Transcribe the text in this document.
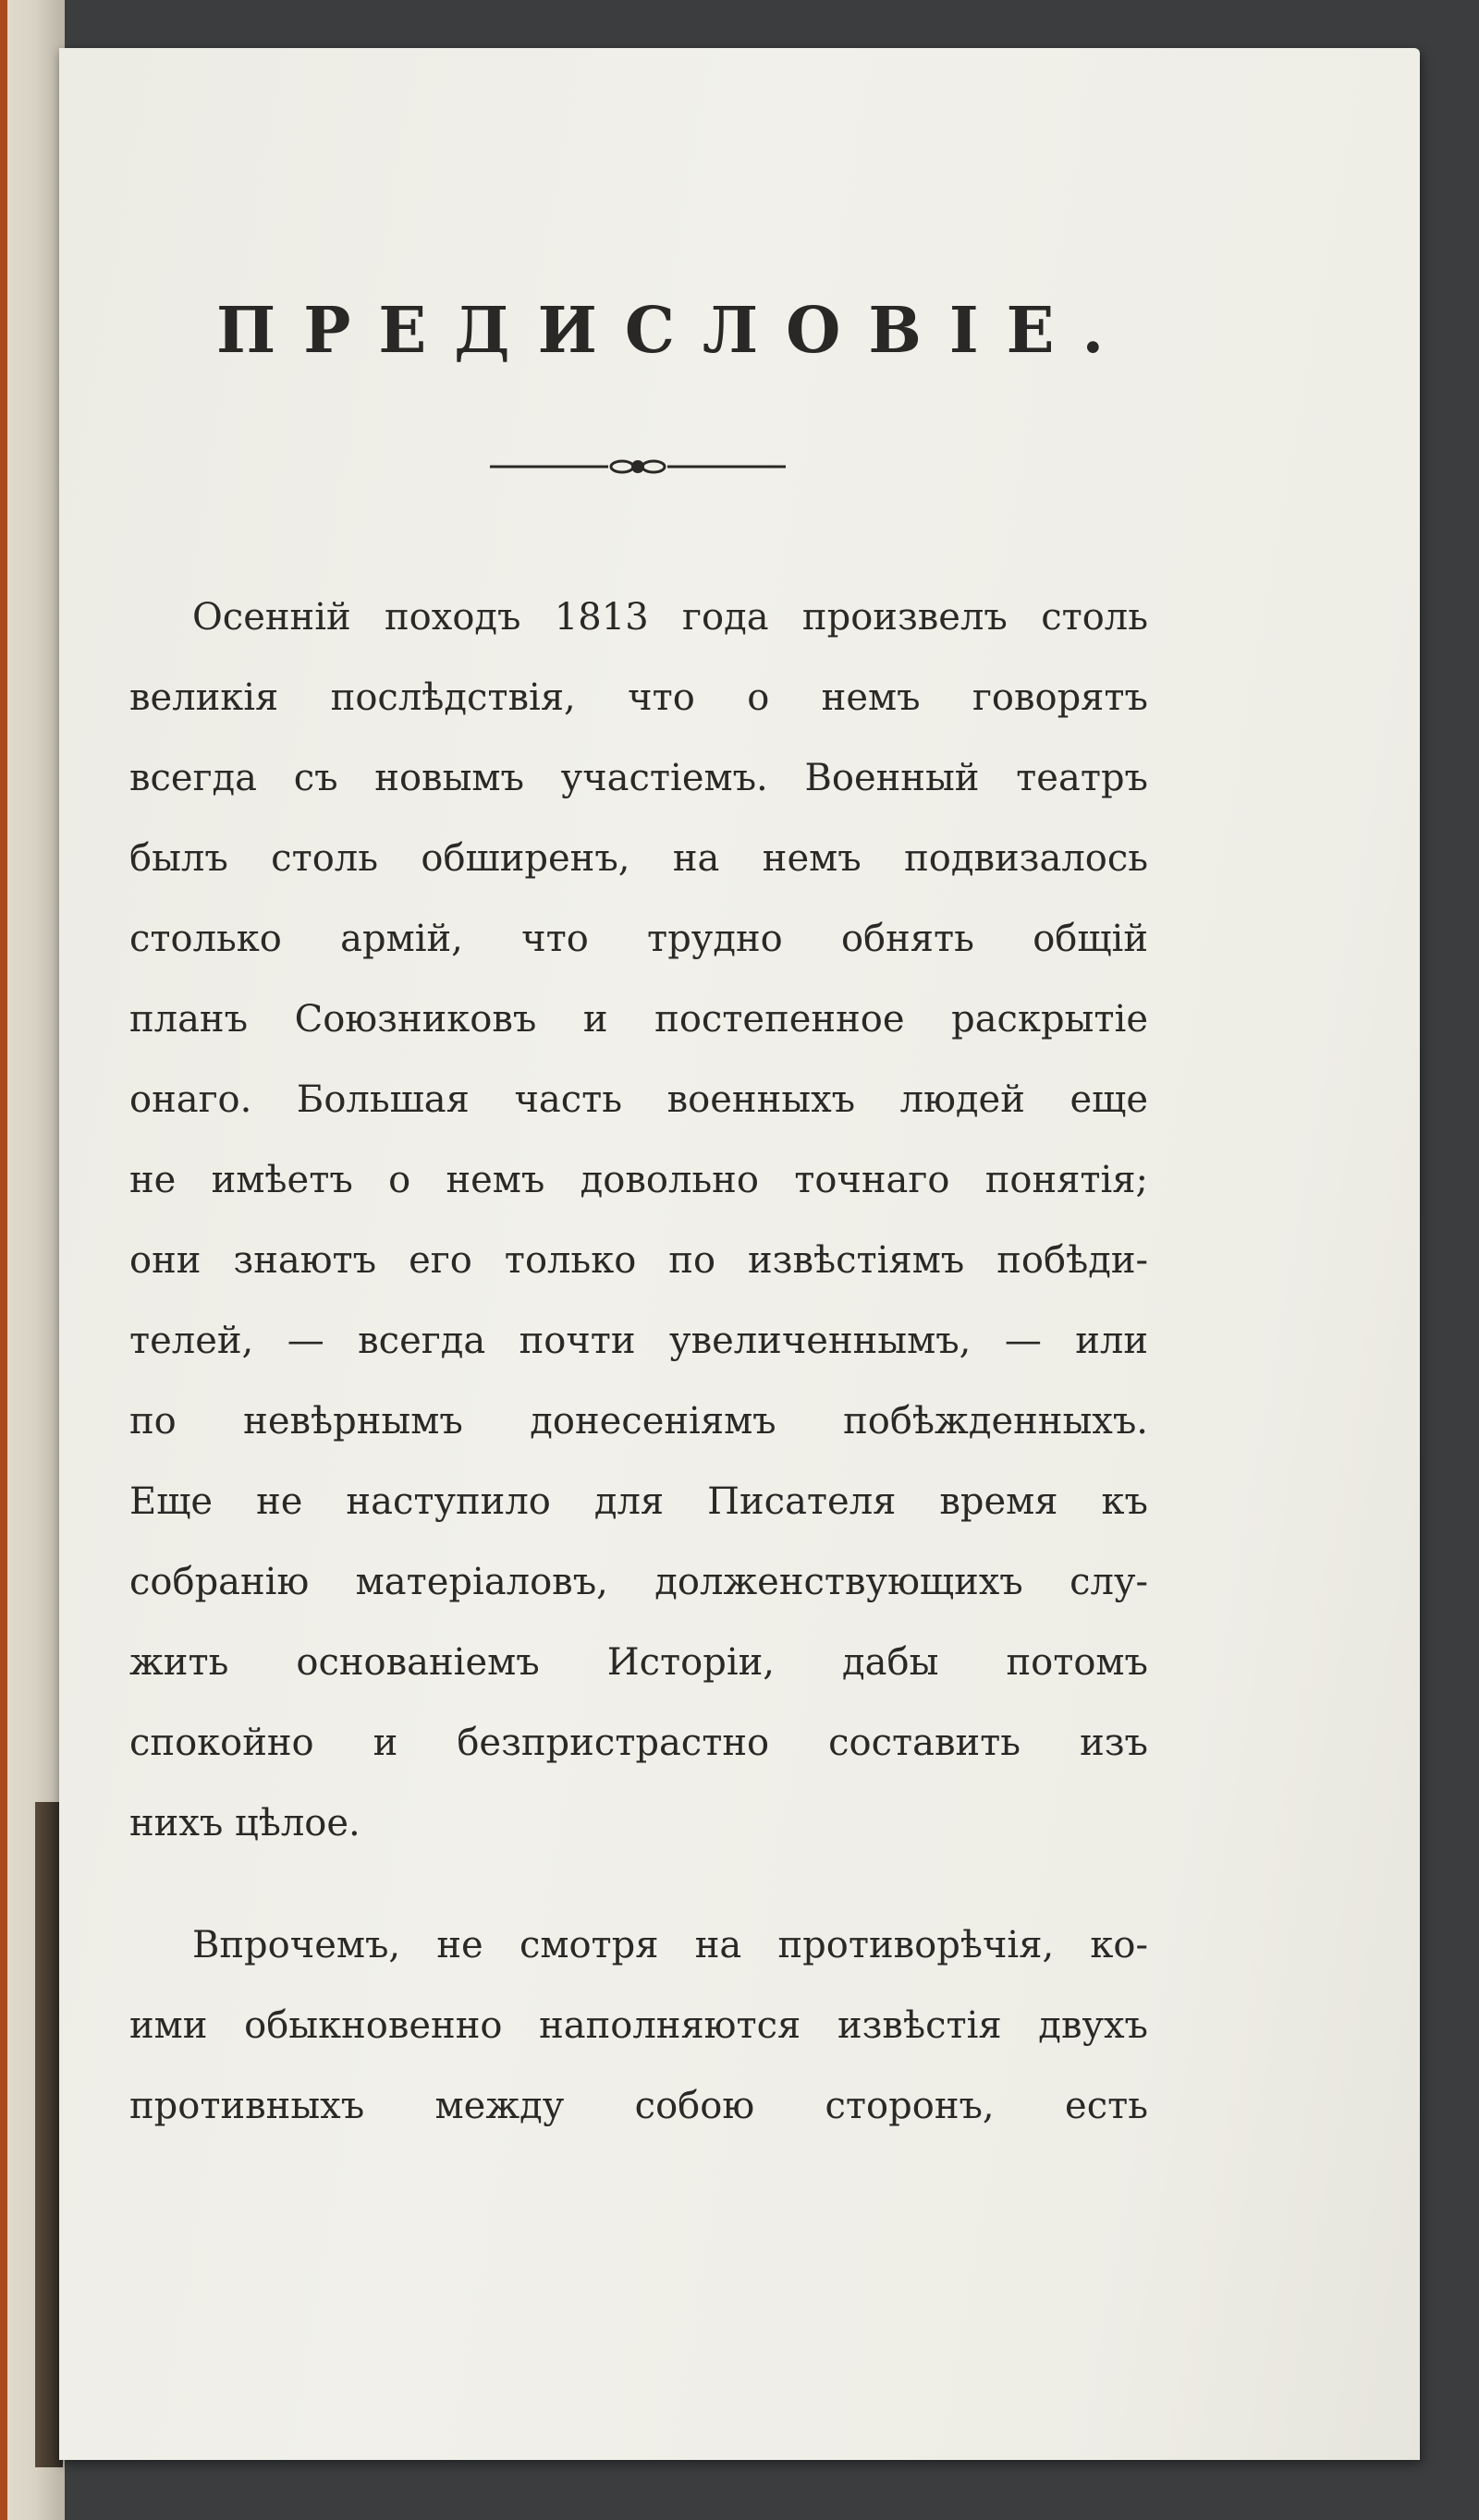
ПРЕДИСЛОВІЕ.
Осенній походъ 1813 года произвелъ столь
великія послѣдствія, что о немъ говорятъ
всегда съ новымъ участіемъ. Военный театръ
былъ столь обширенъ, на немъ подвизалось
столько армій, что трудно обнять общій
планъ Союзниковъ и постепенное раскрытіе
онаго. Большая часть военныхъ людей еще
не имѣетъ о немъ довольно точнаго понятія;
они знаютъ его только по извѣстіямъ побѣди-
телей, — всегда почти увеличеннымъ, — или
по невѣрнымъ донесеніямъ побѣжденныхъ.
Еще не наступило для Писателя время къ
собранію матеріаловъ, долженствующихъ слу-
жить основаніемъ Исторіи, дабы потомъ
спокойно и безпристрастно составить изъ
нихъ цѣлое.
Впрочемъ, не смотря на противорѣчія, ко-
ими обыкновенно наполняются извѣстія двухъ
противныхъ между собою сторонъ, есть
